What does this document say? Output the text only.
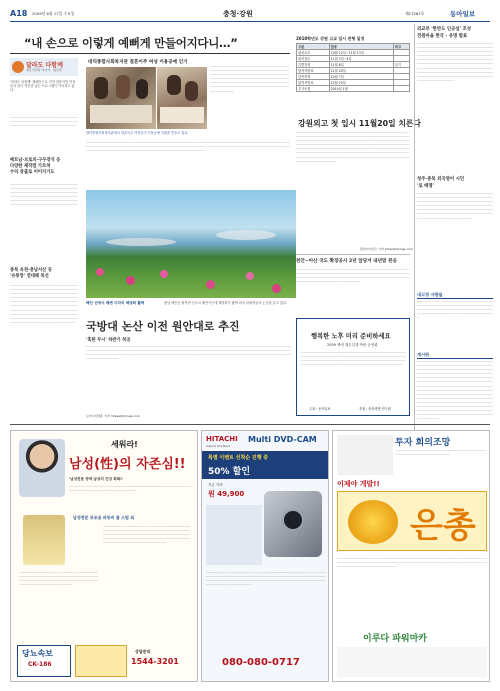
A18 2009년 6월 17일 수요일	충청·강원	제17267호	동아일보
“내 손으로 이렇게 예뻐게 만들어지다니…”
달라도 다함께
결혼이민자 이야기 · 청주편
'달라도 다함께' 캠페인으로 지역 결혼이민 여성들의 한국 적응을 돕는 프로그램이 이어지고 있다.
·······································································································································································································
베트남·브로치·구두장식 등
다양한 제작법 가르쳐
수익 창출로 이어지기도
··················································································································································································································································································································································································································
충북 옥천·충남서산 등
'유통망' 연대해 복선
···························································································································································································································································································································································································································································································································································································································································································
대덕종합사회복지관 결혼이주 여성 이용공예 인기
대덕종합사회복지관에서 결혼이주 여성들이 이용공예 작품을 만들고 있다.
·······································································································································································································································································································································································································································································································································
············································································································································································································································································································································································································································································································
2010학년도 강원 고교 입시 전형 일정
구분	일정	비고
원서교부	10월 12일~11월 13일	
원서접수	11월 2일~4일	
특별전형	11월 6일	실기
합격자발표	11월 20일	
일반전형	12월 7일	
합격자발표	12월 23일	
추가모집	2010년 1월	
강원외고 첫 입시 11월20일 치른다
························································································································································································································································································································································································································································································································································································································································································································································································································································
춘천=이인모 기자 imlee@donga.com
외교부 '한반도 인공섬' 조성
전원마을 한국 · 유명 발표
········································································································································································································································································································································································································································································································································································································································································································································
청주·충북 외국영어 시민
'로 배명'
·························································································································································································································································································································································································································································································································
내고장 사람들
··············································································································································································································································································································
게시판
················································································································································································································································································································································································································································································································································································································································································································································································································································································································································································································································································································
해안 선에서 해변 사각의 해당화 활짝	충남 태안군 원북면 신두리 해안사구에 해당화가 활짝 피어 관광객들의 눈길을 끌고 있다.
천안~아산 국도 확장공사 2년 앞당겨 내년말 완공
················································································································································································································································································································································································································
행복한 노후 미리 준비하세요
2009 생애 재무설계 박람 공연회
·····························································································································································································································································································································································································································
주최 : 동아일보	후원 : 삼성생명 연구원
국방대 논산 이전 원안대로 추진
'혹한 무시' 하반기 착공
······························································································································································································································································································································································································································································································································································································································································
논산=지명훈 기자 mhjee@donga.com
세워라!
남성(性)의 자존심!!
'남성전문 영역 남성의 건강 회복!'
····························································································································································································
남성전문 보조용 파동비 클 스팀 외
······························································································································································································································································································
······················································································································································································································································································································································································································
당뇨속보
CK-186
상담문의
1544-3201
HITACHI
Inspire the Next
Multi DVD-CAM
특별 이벤트 선착순 진행 중
50% 할인
기존 가격
원 49,900
···············································································································································································································································································································································································································
080-080-0717
투자 회의조망
················································································································································
이제야 개발!!
은총
··································································································································································································································································································································································
이루다 파워마카
